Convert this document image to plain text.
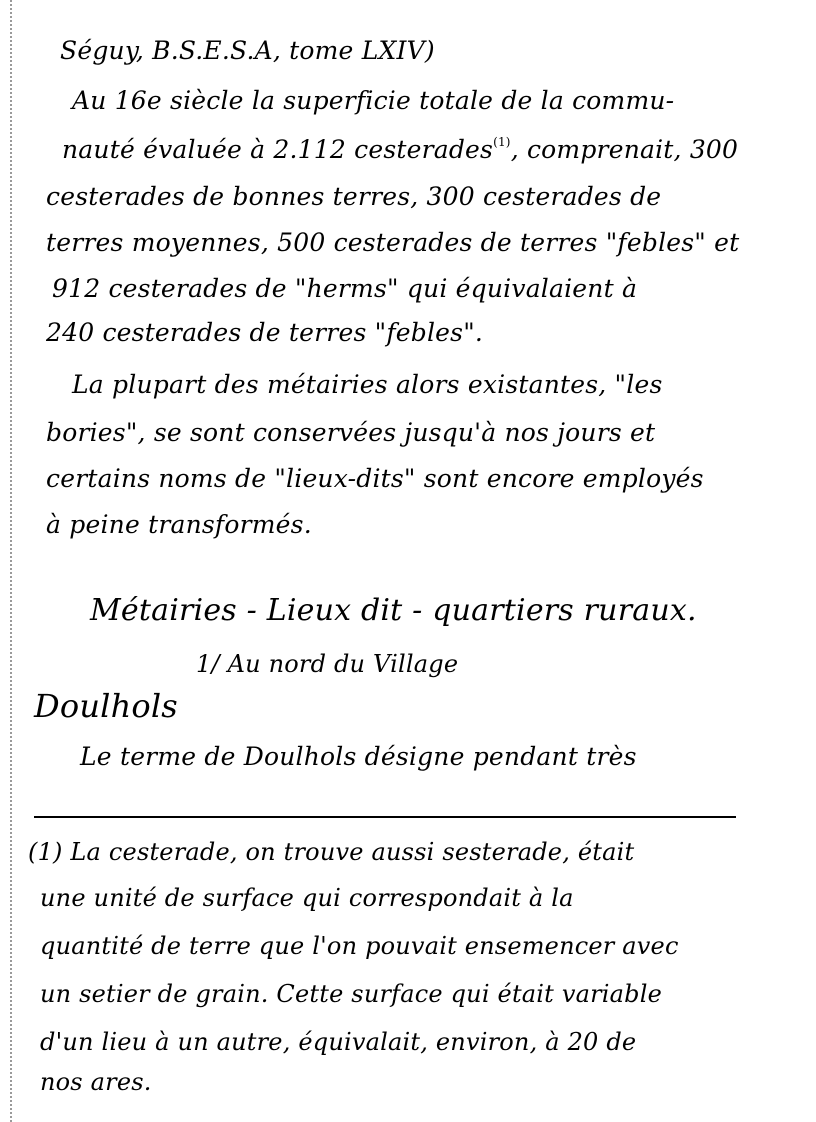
Séguy, B.S.E.S.A, tome LXIV)
Au 16e siècle la superficie totale de la commu-
nauté évaluée à 2.112 cesterades$^{(1)}$, comprenait, 300
cesterades de bonnes terres, 300 cesterades de
terres moyennes, 500 cesterades de terres "febles" et
912 cesterades de "herms" qui équivalaient à
240 cesterades de terres "febles".
La plupart des métairies alors existantes, "les
bories", se sont conservées jusqu'à nos jours et
certains noms de "lieux-dits" sont encore employés
à peine transformés.
Métairies - Lieux dit - quartiers ruraux.
1/ Au nord du Village
Doulhols
Le terme de Doulhols désigne pendant très
(1) La cesterade, on trouve aussi sesterade, était
une unité de surface qui correspondait à la
quantité de terre que l'on pouvait ensemencer avec
un setier de grain. Cette surface qui était variable
d'un lieu à un autre, équivalait, environ, à 20 de
nos ares.
